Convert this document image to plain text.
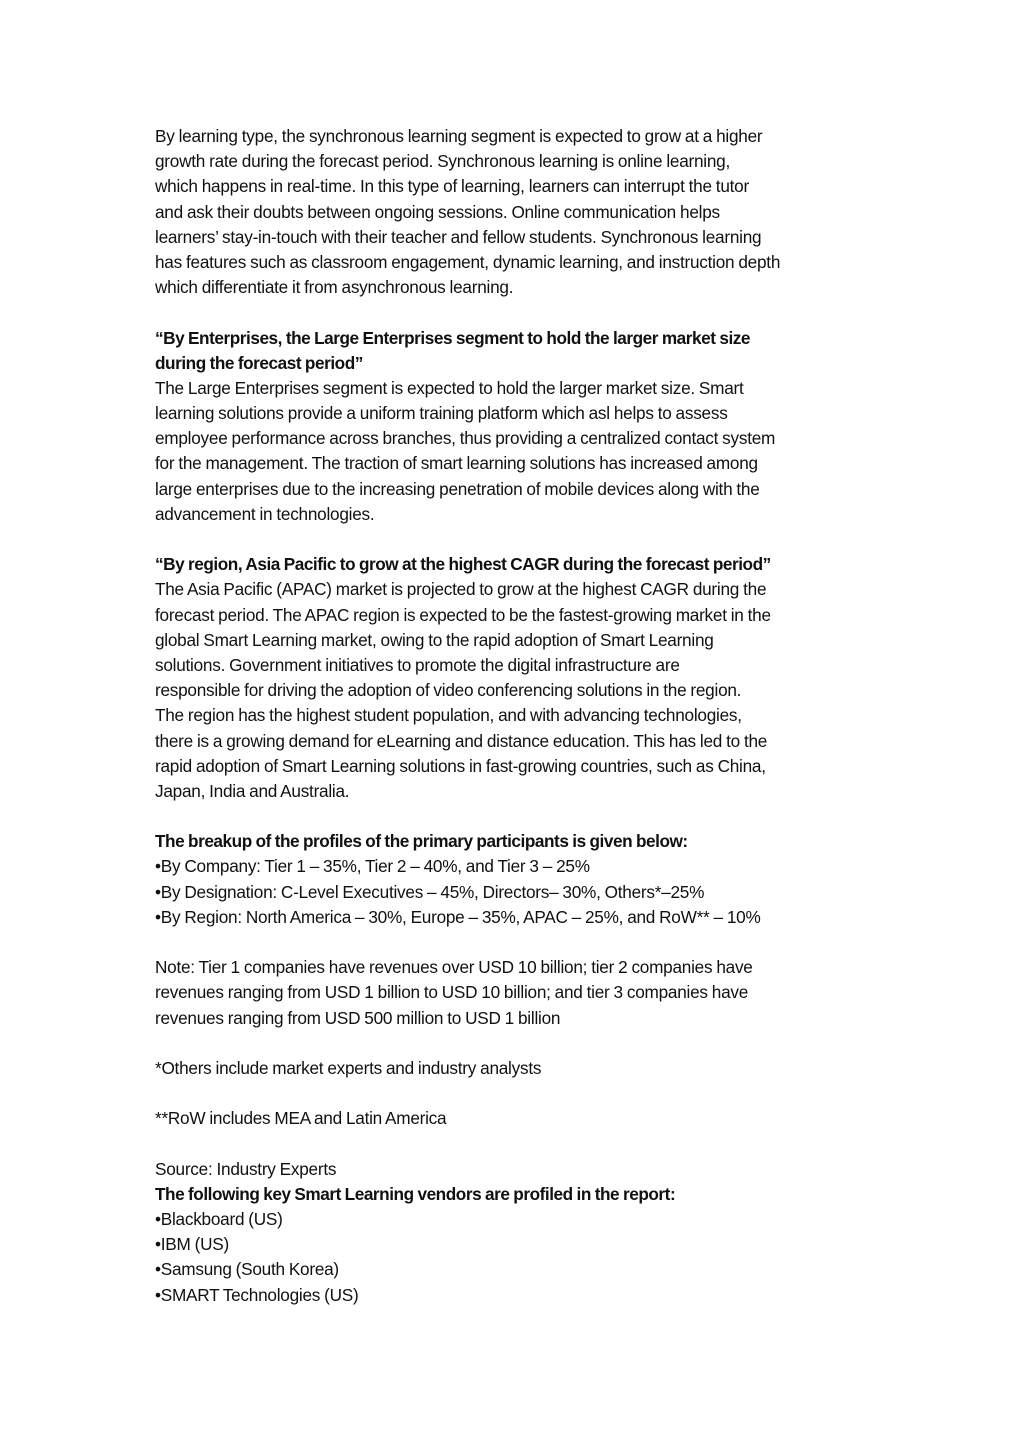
By learning type, the synchronous learning segment is expected to grow at a higher
growth rate during the forecast period. Synchronous learning is online learning,
which happens in real-time. In this type of learning, learners can interrupt the tutor
and ask their doubts between ongoing sessions. Online communication helps
learners’ stay-in-touch with their teacher and fellow students. Synchronous learning
has features such as classroom engagement, dynamic learning, and instruction depth
which differentiate it from asynchronous learning.
“By Enterprises, the Large Enterprises segment to hold the larger market size
during the forecast period”
The Large Enterprises segment is expected to hold the larger market size. Smart
learning solutions provide a uniform training platform which asl helps to assess
employee performance across branches, thus providing a centralized contact system
for the management. The traction of smart learning solutions has increased among
large enterprises due to the increasing penetration of mobile devices along with the
advancement in technologies.
“By region, Asia Pacific to grow at the highest CAGR during the forecast period”
The Asia Pacific (APAC) market is projected to grow at the highest CAGR during the
forecast period. The APAC region is expected to be the fastest-growing market in the
global Smart Learning market, owing to the rapid adoption of Smart Learning
solutions. Government initiatives to promote the digital infrastructure are
responsible for driving the adoption of video conferencing solutions in the region.
The region has the highest student population, and with advancing technologies,
there is a growing demand for eLearning and distance education. This has led to the
rapid adoption of Smart Learning solutions in fast-growing countries, such as China,
Japan, India and Australia.
The breakup of the profiles of the primary participants is given below:
•By Company: Tier 1 – 35%, Tier 2 – 40%, and Tier 3 – 25%
•By Designation: C-Level Executives – 45%, Directors– 30%, Others*–25%
•By Region: North America – 30%, Europe – 35%, APAC – 25%, and RoW** – 10%
Note: Tier 1 companies have revenues over USD 10 billion; tier 2 companies have
revenues ranging from USD 1 billion to USD 10 billion; and tier 3 companies have
revenues ranging from USD 500 million to USD 1 billion
*Others include market experts and industry analysts
**RoW includes MEA and Latin America
Source: Industry Experts
The following key Smart Learning vendors are profiled in the report:
•Blackboard (US)
•IBM (US)
•Samsung (South Korea)
•SMART Technologies (US)
